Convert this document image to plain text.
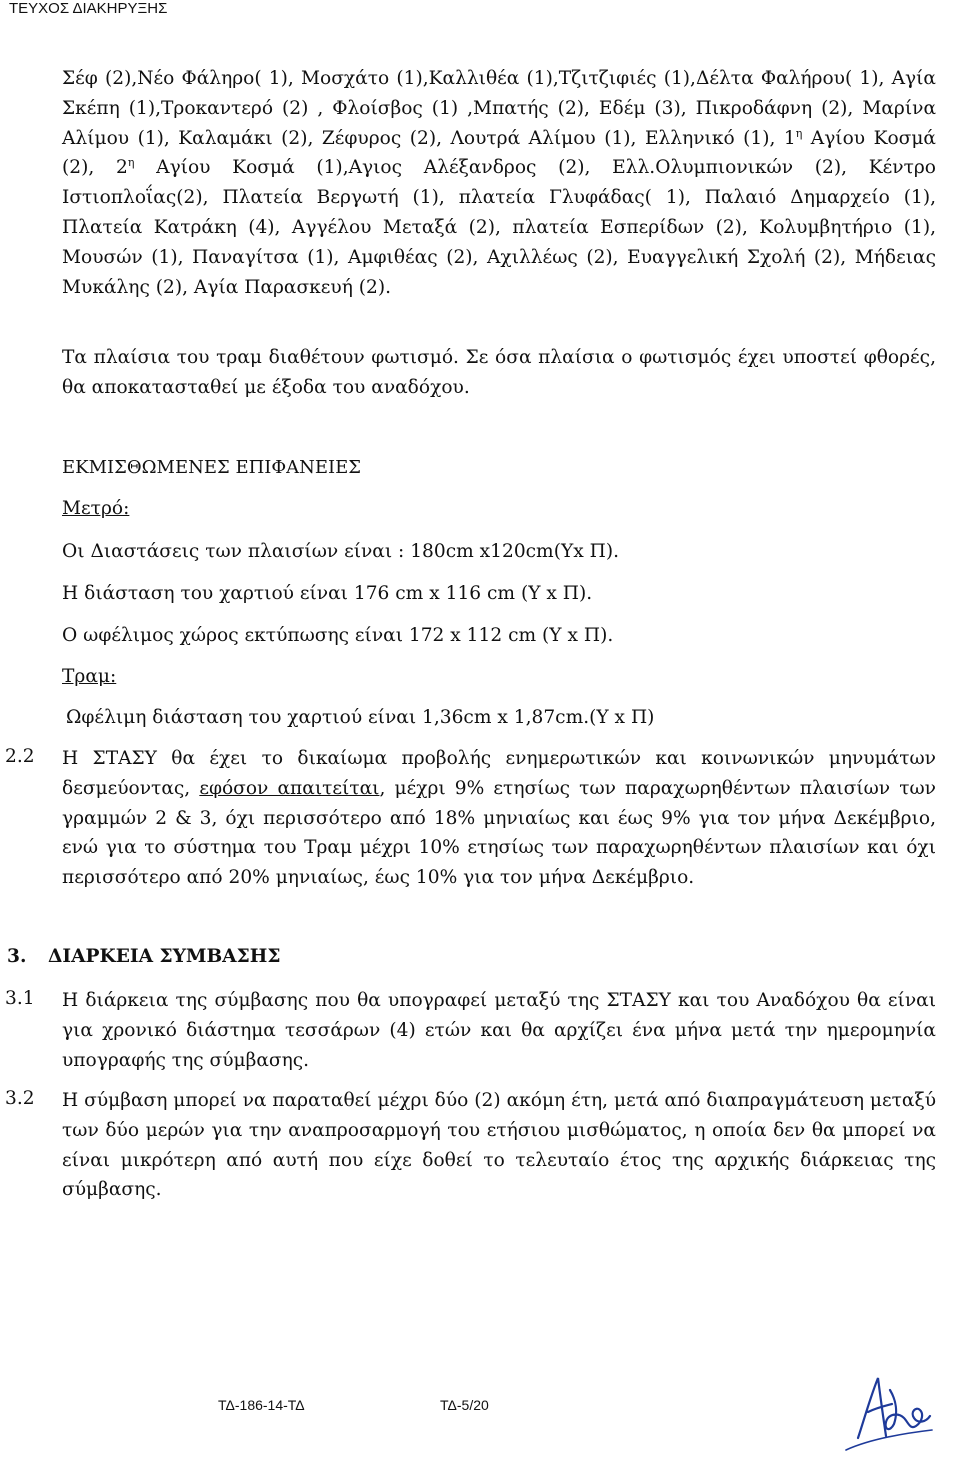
ΤΕΥΧΟΣ ΔΙΑΚΗΡΥΞΗΣ

Σέφ (2),Νέο Φάληρο( 1), Μοσχάτο (1),Καλλιθέα (1),Τζιτζιφιές (1),Δέλτα Φαλήρου( 1), Αγία Σκέπη (1),Τροκαντερό (2) , Φλοίσβος (1) ,Μπατής (2), Εδέμ (3), Πικροδάφνη (2), Μαρίνα Αλίμου (1), Καλαμάκι (2), Ζέφυρος (2), Λουτρά Αλίμου (1), Ελληνικό (1), $1^\eta$ Αγίου Κοσμά (2), $2^\eta$ Αγίου Κοσμά (1),Αγιος Αλέξανδρος (2), Ελλ.Ολυμπιονικών (2), Κέντρο Ιστιοπλοΐας(2), Πλατεία Βεργωτή (1), πλατεία Γλυφάδας( 1), Παλαιό Δημαρχείο (1), Πλατεία Κατράκη (4), Αγγέλου Μεταξά (2), πλατεία Εσπερίδων (2), Κολυμβητήριο (1), Μουσών (1), Παναγίτσα (1), Αμφιθέας (2), Αχιλλέως (2), Ευαγγελική Σχολή (2), Μήδειας Μυκάλης (2), Αγία Παρασκευή (2).

Τα πλαίσια του τραμ διαθέτουν φωτισμό. Σε όσα πλαίσια ο φωτισμός έχει υποστεί φθορές, θα αποκατασταθεί με έξοδα του αναδόχου.

ΕΚΜΙΣΘΩΜΕΝΕΣ ΕΠΙΦΑΝΕΙΕΣ
Μετρό:
Οι Διαστάσεις των πλαισίων είναι : 180cm x120cm(Υx Π).
Η διάσταση του χαρτιού είναι 176 cm x 116 cm (Υ x Π).
Ο ωφέλιμος χώρος εκτύπωσης είναι 172 x 112 cm (Υ x Π).
Τραμ:
Ωφέλιμη διάσταση του χαρτιού είναι 1,36cm x 1,87cm.(Υ x Π)
2.2 Η ΣΤΑΣΥ θα έχει το δικαίωμα προβολής ενημερωτικών και κοινωνικών μηνυμάτων δεσμεύοντας, εφόσον απαιτείται, μέχρι 9% ετησίως των παραχωρηθέντων πλαισίων των γραμμών 2 & 3, όχι περισσότερο από 18% μηνιαίως και έως 9% για τον μήνα Δεκέμβριο, ενώ για το σύστημα του Τραμ μέχρι 10% ετησίως των παραχωρηθέντων πλαισίων και όχι περισσότερο από 20% μηνιαίως, έως 10% για τον μήνα Δεκέμβριο.

3. ΔΙΑΡΚΕΙΑ ΣΥΜΒΑΣΗΣ
3.1 Η διάρκεια της σύμβασης που θα υπογραφεί μεταξύ της ΣΤΑΣΥ και του Αναδόχου θα είναι για χρονικό διάστημα τεσσάρων (4) ετών και θα αρχίζει ένα μήνα μετά την ημερομηνία υπογραφής της σύμβασης.

3.2 Η σύμβαση μπορεί να παραταθεί μέχρι δύο (2) ακόμη έτη, μετά από διαπραγμάτευση μεταξύ των δύο μερών για την αναπροσαρμογή του ετήσιου μισθώματος, η οποία δεν θα μπορεί να είναι μικρότερη από αυτή που είχε δοθεί το τελευταίο έτος της αρχικής διάρκειας της σύμβασης.

ΤΔ-186-14-ΤΔ	ΤΔ-5/20
